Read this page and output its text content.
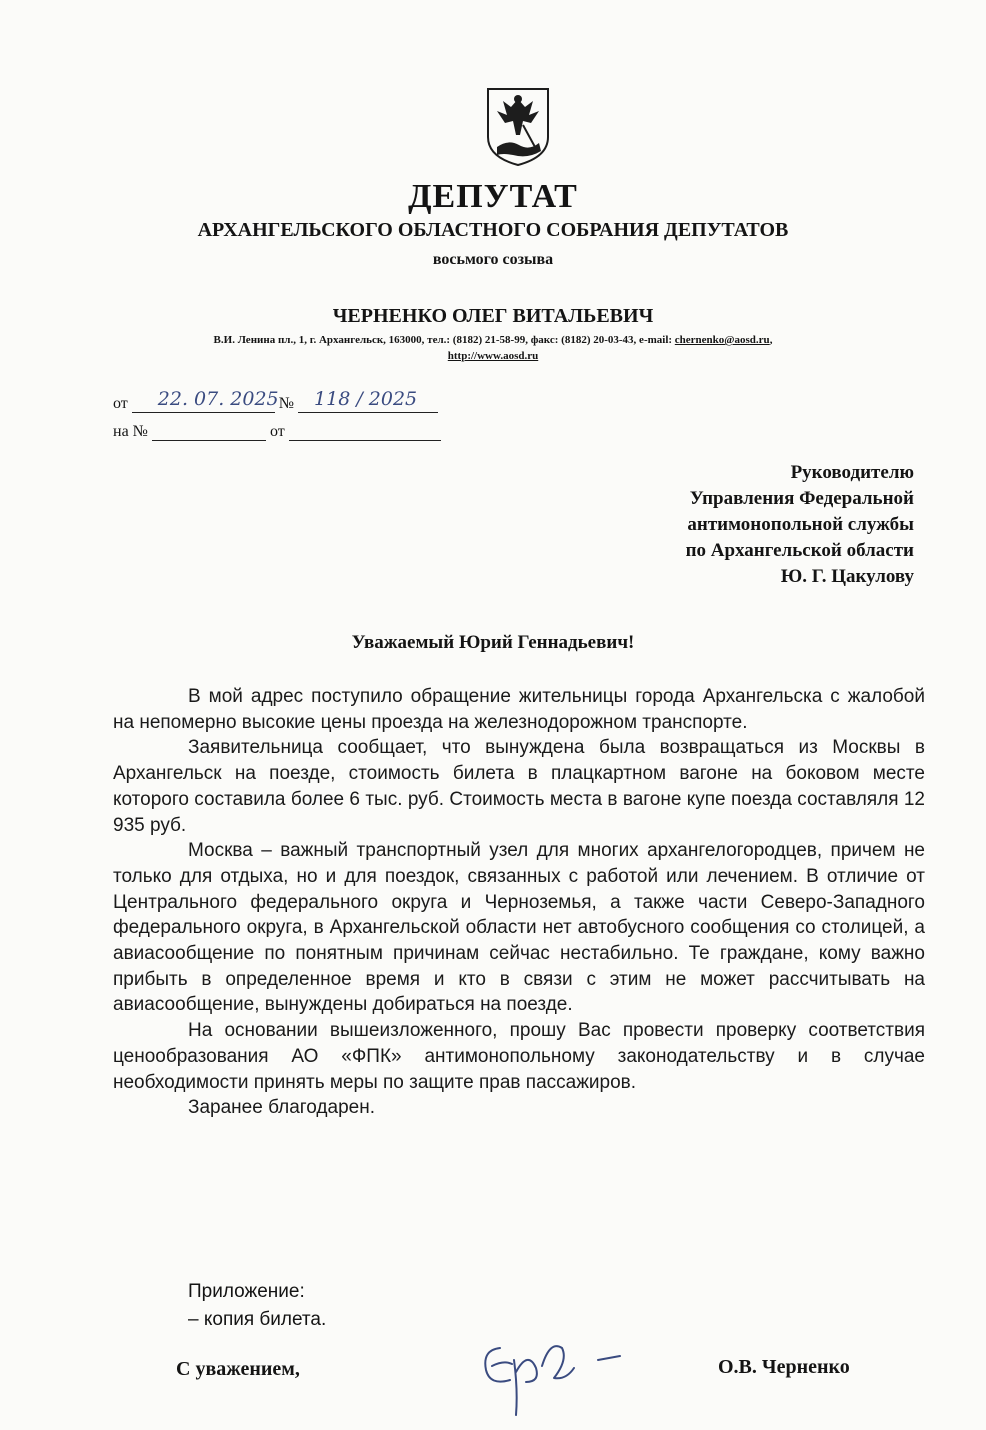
ДЕПУТАТ
АРХАНГЕЛЬСКОГО ОБЛАСТНОГО СОБРАНИЯ ДЕПУТАТОВ
восьмого созыва
ЧЕРНЕНКО ОЛЕГ ВИТАЛЬЕВИЧ
В.И. Ленина пл., 1, г. Архангельск, 163000, тел.: (8182) 21-58-99, факс: (8182) 20-03-43, e-mail: chernenko@aosd.ru,
http://www.aosd.ru
от 22. 07. 2025 № 118 / 2025
на №	от
Руководителю
Управления Федеральной
антимонопольной службы
по Архангельской области
Ю. Г. Цакулову
Уважаемый Юрий Геннадьевич!

В мой адрес поступило обращение жительницы города Архангельска с жалобой на непомерно высокие цены проезда на железнодорожном транспорте.

Заявительница сообщает, что вынуждена была возвращаться из Москвы в Архангельск на поезде, стоимость билета в плацкартном вагоне на боковом месте которого составила более 6 тыс. руб. Стоимость места в вагоне купе поезда составляля 12 935 руб.

Москва – важный транспортный узел для многих архангелогородцев, причем не только для отдыха, но и для поездок, связанных с работой или лечением. В отличие от Центрального федерального округа и Черноземья, а также части Северо-Западного федерального округа, в Архангельской области нет автобусного сообщения со столицей, а авиасообщение по понятным причинам сейчас нестабильно. Те граждане, кому важно прибыть в определенное время и кто в связи с этим не может рассчитывать на авиасообщение, вынуждены добираться на поезде.

На основании вышеизложенного, прошу Вас провести проверку соответствия ценообразования АО «ФПК» антимонопольному законодательству и в случае необходимости принять меры по защите прав пассажиров.

Заранее благодарен.

Приложение:
– копия билета.
С уважением,	О.В. Черненко
